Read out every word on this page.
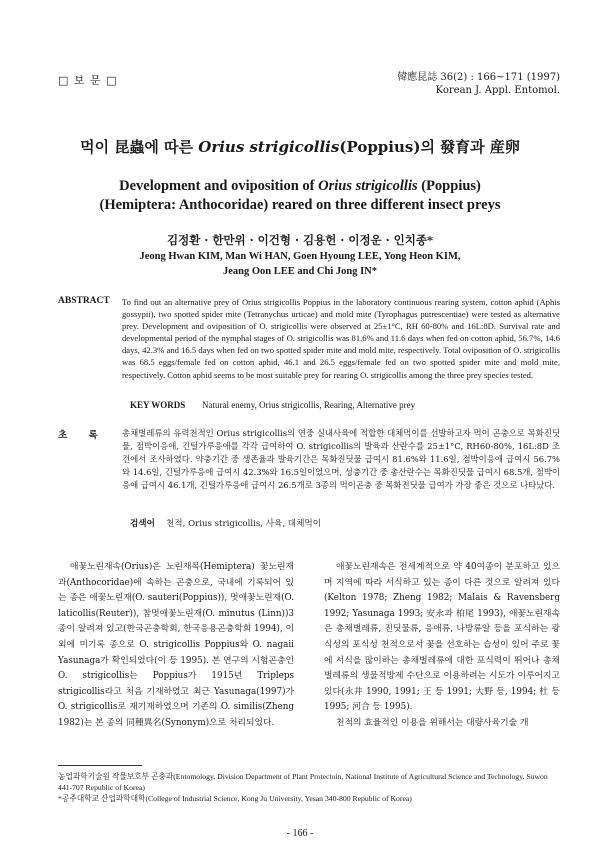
□ 보 문 □	韓應昆誌 36(2) : 166~171 (1997)
Korean J. Appl. Entomol.
먹이 昆蟲에 따른 Orius strigicollis(Poppius)의 發育과 産卵
Development and oviposition of Orius strigicollis (Poppius)
(Hemiptera: Anthocoridae) reared on three different insect preys
김정환 · 한만위 · 이건형 · 김용헌 · 이정운 · 인치종*
Jeong Hwan KIM, Man Wi HAN, Goen Hyoung LEE, Yong Heon KIM,
Jeang Oon LEE and Chi Jong IN*
ABSTRACT To find out an alternative prey of Orius strigicollis Poppius in the laboratory continuous rearing system, cotton aphid (Aphis gossypii), two spotted spider mite (Tetranychus urticae) and mold mite (Tyrophagus putrescentiae) were tested as alternative prey. Development and oviposition of O. strigicollis were observed at 25±1°C, RH 60-80% and 16L:8D. Survival rate and developmental period of the nymphal stages of O. strigicollis was 81.6% and 11.6 days when fed on cotton aphid, 56.7%, 14.6 days, 42.3% and 16.5 days when fed on two spotted spider mite and mold mite, respectively. Total oviposition of O. strigicollis was 68.5 eggs/female fed on cotton aphid, 46.1 and 26.5 eggs/female fed on two spotted spider mite and mold mite, respectively. Cotton aphid seems to be most suitable prey for rearing O. strigicollis among the three prey species tested.
KEY WORDS Natural enemy, Orius strigicollis, Rearing, Alternative prey
초 록 총채벌레류의 유력천적인 Orius strigicollis의 연중 실내사육에 적합한 대체먹이를 선발하고자 먹이 곤충으로 목화진딧물, 점박이응애, 긴털가루응애를 각각 급여하여 O. strigicollis의 발육과 산란수를 25±1°C, RH60-80%, 16L:8D 조건에서 조사하였다. 약충기간 중 생존율과 발육기간은 목화진딧물 급여시 81.6%와 11.6일, 점박이응애 급여시 56.7%와 14.6일, 긴털가루응애 급여시 42.3%와 16.5일이었으며, 성충기간 중 총산란수는 목화진딧물 급여시 68.5개, 점박이응애 급여시 46.1개, 긴털가루응애 급여시 26.5개로 3종의 먹이곤충 중 목화진딧물 급여가 가장 좋은 것으로 나타났다.
검색어 천적, Orius strigicollis, 사육, 대체먹이

애꽃노린재속(Orius)은 노린재목(Hemiptera) 꽃노린재과(Anthocoridae)에 속하는 곤충으로, 국내에 기록되어 있는 종은 애꽃노린재(O. sauteri(Poppius)), 멋애꽃노린재(O. laticollis(Reuter)), 참멋애꽃노린재(O. minutus (Linn))3종이 알려져 있고(한국곤충학회, 한국응용곤충학회 1994), 이외에 미기록 종으로 O. strigicollis Poppius와 O. nagaii Yasunaga가 확인되었다(이 등 1995). 본 연구의 시험곤충인 O. strigicollis는 Poppius가 1915년 Tripleps strigicollis라고 처음 기재하였고 최근 Yasunaga(1997)가 O. strigicollis로 재기재하였으며 기존의 O. similis(Zheng 1982)는 본 종의 同種異名(Synonym)으로 처리되었다.

애꽃노린재속은 전세계적으로 약 40여종이 분포하고 있으며 지역에 따라 서식하고 있는 종이 다른 것으로 알려져 있다(Kelton 1978; Zheng 1982; Malais & Ravensberg 1992; Yasunaga 1993; 安永과 柏尾 1993), 애꽃노린재속은 총채벌레류, 진딧물류, 응애류, 나방류알 등을 포식하는 광식성의 포식성 천적으로서 꽃을 선호하는 습성이 있어 주로 꽃에 서식을 많이하는 총채벌레류에 대한 포식력이 뛰어나 총채벌레류의 생물적방제 수단으로 이용하려는 시도가 이루어지고 있다(永井 1990, 1991; 王 등 1991; 大野 등, 1994; 杜 등 1995; 河合 등 1995).

천적의 효율적인 이용을 위해서는 대량사육기술 개

농업과학기술원 작물보호부 곤충과(Entomology, Division Department of Plant Protectoin, National Institute of Agricultural Science and Technology, Suwon 441-707 Republic of Korea)
*공주대학교 산업과학대학(College of Industrial Science, Kong Ju University, Yesan 340-800 Republic of Korea)
- 166 -
